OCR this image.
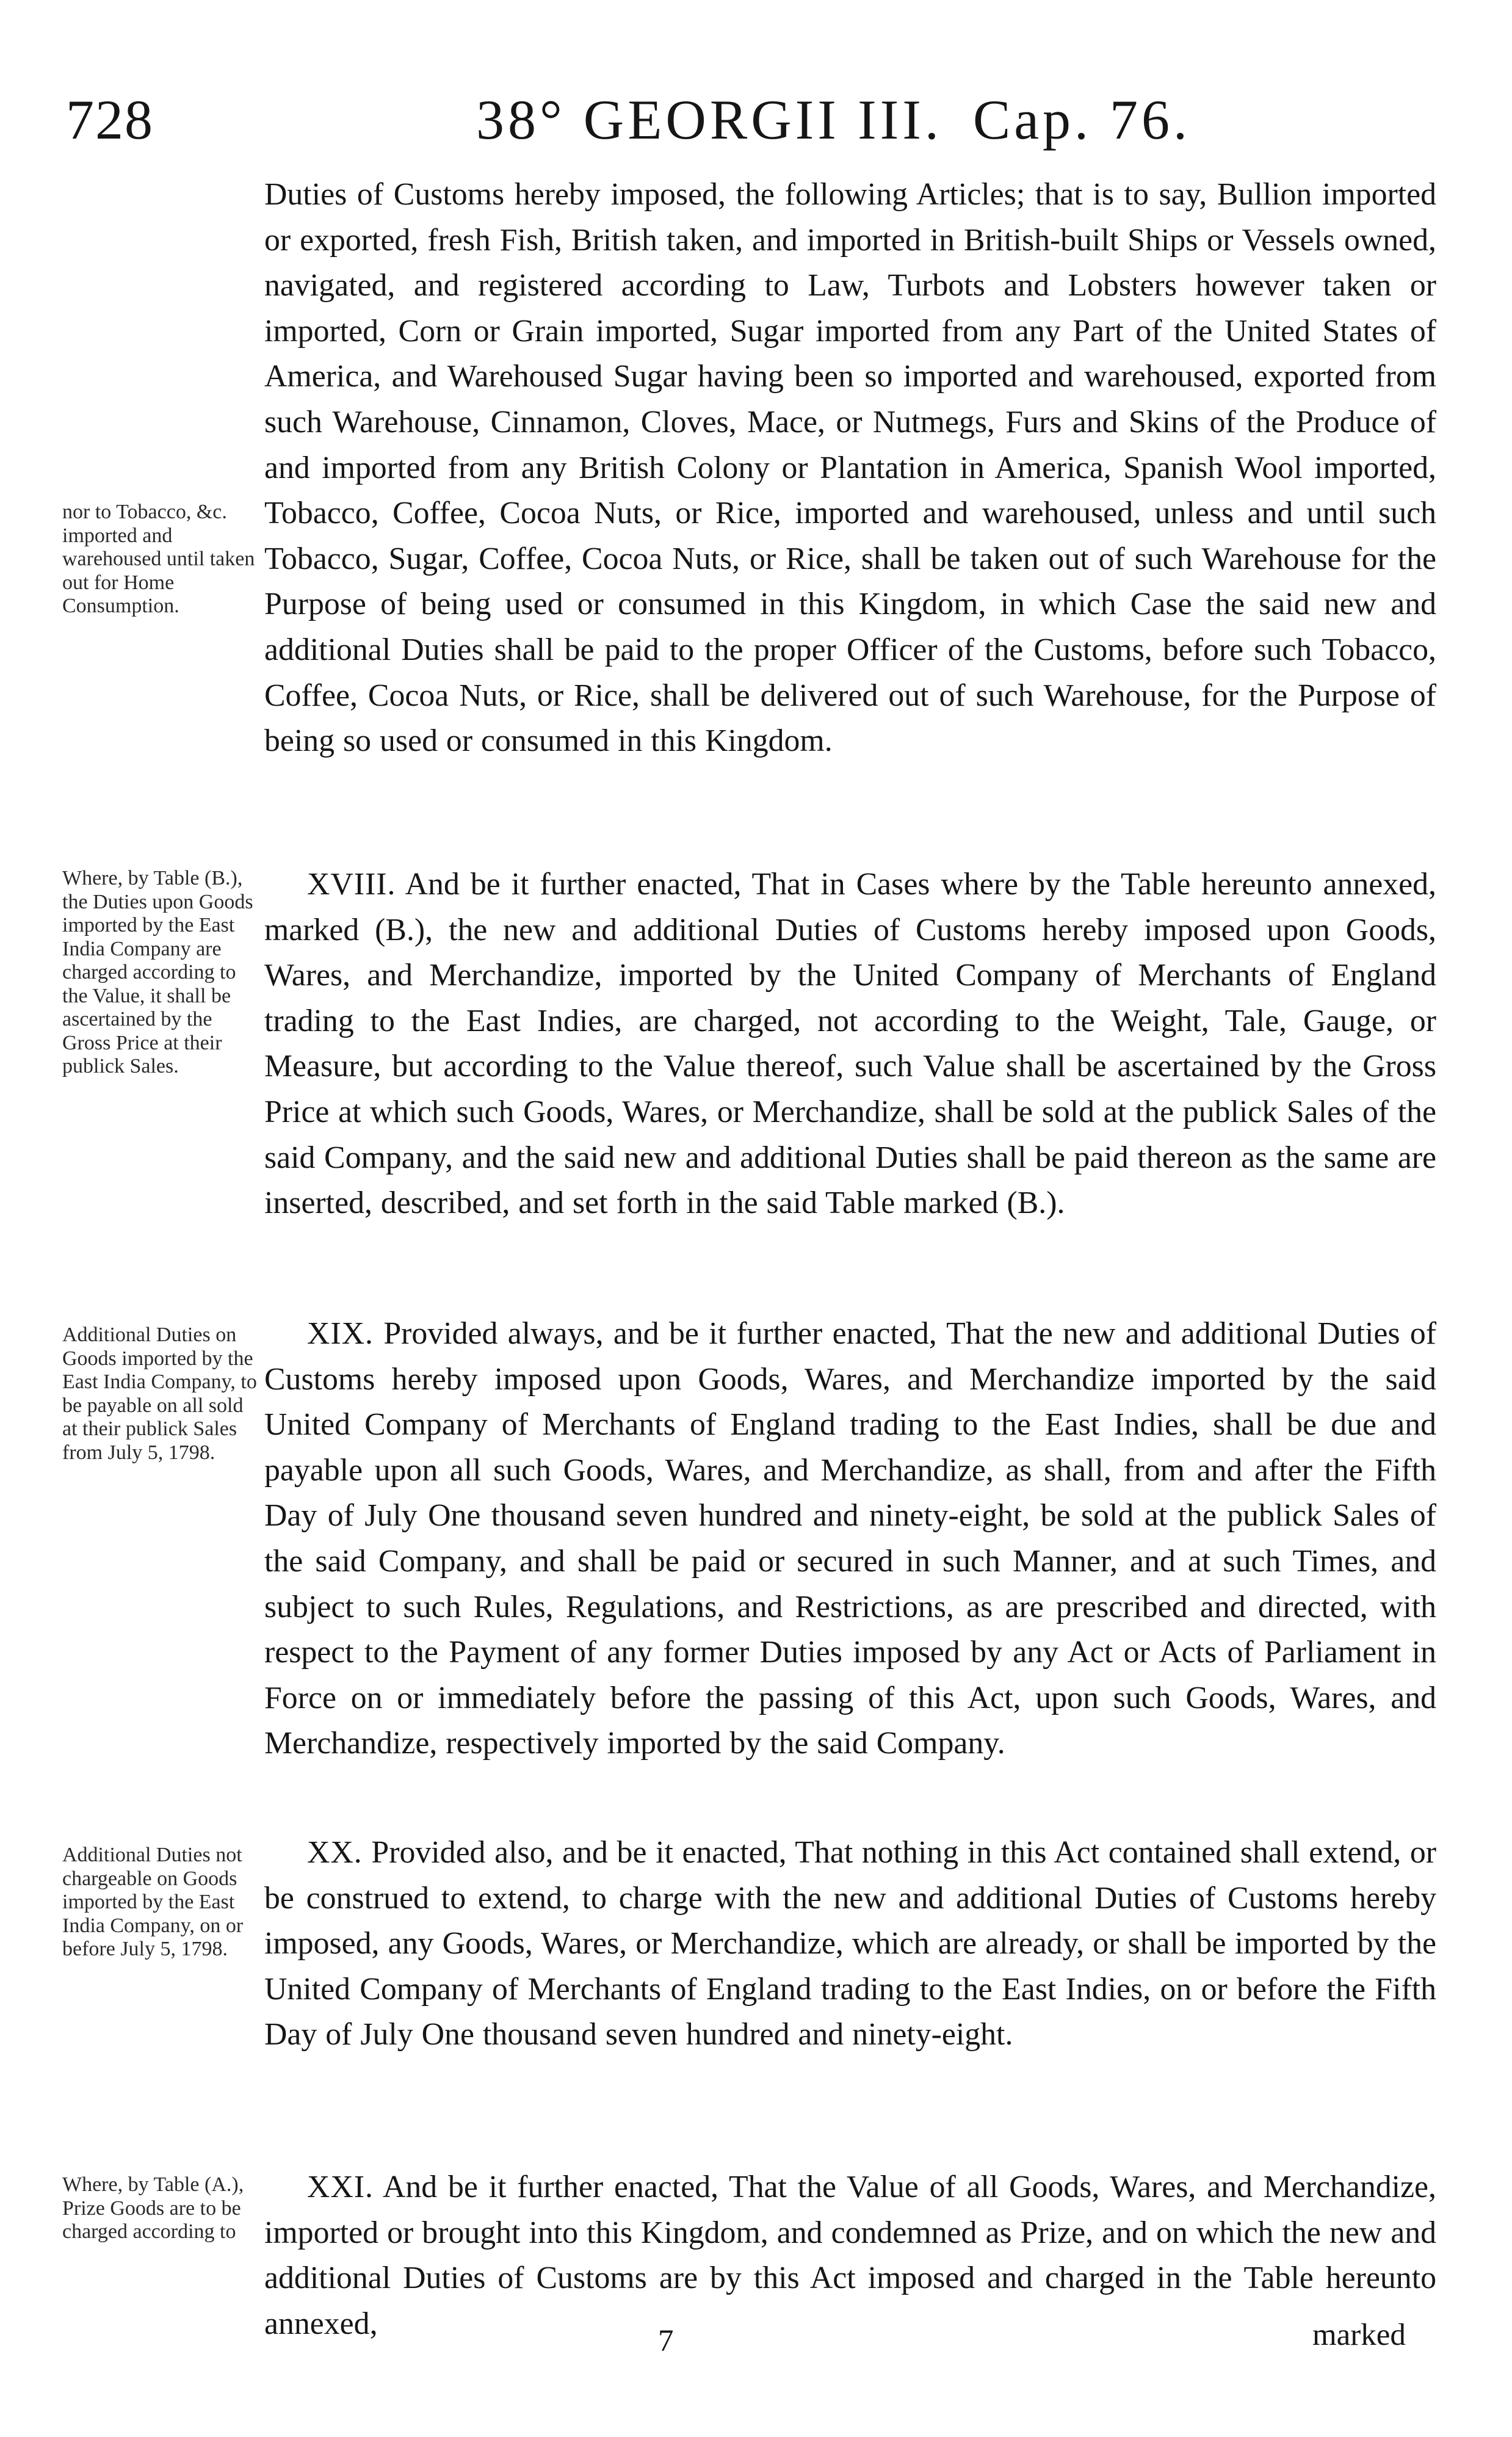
728	38° GEORGII III. Cap. 76.

Duties of Customs hereby imposed, the following Articles; that is to say, Bullion imported or exported, fresh Fish, British taken, and imported in British-built Ships or Vessels owned, navigated, and registered according to Law, Turbots and Lobsters however taken or imported, Corn or Grain imported, Sugar imported from any Part of the United States of America, and Warehoused Sugar having been so imported and warehoused, exported from such Warehouse, Cinnamon, Cloves, Mace, or Nutmegs, Furs and Skins of the Produce of and imported from any British Colony or Plantation in America, Spanish Wool imported, Tobacco, Coffee, Cocoa Nuts, or Rice, imported and warehoused, unless and until such Tobacco, Sugar, Coffee, Cocoa Nuts, or Rice, shall be taken out of such Warehouse for the Purpose of being used or consumed in this Kingdom, in which Case the said new and additional Duties shall be paid to the proper Officer of the Customs, before such Tobacco, Coffee, Cocoa Nuts, or Rice, shall be delivered out of such Warehouse, for the Purpose of being so used or consumed in this Kingdom.

XVIII. And be it further enacted, That in Cases where by the Table hereunto annexed, marked (B.), the new and additional Duties of Customs hereby imposed upon Goods, Wares, and Merchandize, imported by the United Company of Merchants of England trading to the East Indies, are charged, not according to the Weight, Tale, Gauge, or Measure, but according to the Value thereof, such Value shall be ascertained by the Gross Price at which such Goods, Wares, or Merchandize, shall be sold at the publick Sales of the said Company, and the said new and additional Duties shall be paid thereon as the same are inserted, described, and set forth in the said Table marked (B.).

XIX. Provided always, and be it further enacted, That the new and additional Duties of Customs hereby imposed upon Goods, Wares, and Merchandize imported by the said United Company of Merchants of England trading to the East Indies, shall be due and payable upon all such Goods, Wares, and Merchandize, as shall, from and after the Fifth Day of July One thousand seven hundred and ninety-eight, be sold at the publick Sales of the said Company, and shall be paid or secured in such Manner, and at such Times, and subject to such Rules, Regulations, and Restrictions, as are prescribed and directed, with respect to the Payment of any former Duties imposed by any Act or Acts of Parliament in Force on or immediately before the passing of this Act, upon such Goods, Wares, and Merchandize, respectively imported by the said Company.

XX. Provided also, and be it enacted, That nothing in this Act contained shall extend, or be construed to extend, to charge with the new and additional Duties of Customs hereby imposed, any Goods, Wares, or Merchandize, which are already, or shall be imported by the United Company of Merchants of England trading to the East Indies, on or before the Fifth Day of July One thousand seven hundred and ninety-eight.

XXI. And be it further enacted, That the Value of all Goods, Wares, and Merchandize, imported or brought into this Kingdom, and condemned as Prize, and on which the new and additional Duties of Customs are by this Act imposed and charged in the Table hereunto annexed,

7	marked

nor to Tobacco, &c. imported and warehoused until taken out for Home Consumption.

Where, by Table (B.), the Duties upon Goods imported by the East India Company are charged according to the Value, it shall be ascertained by the Gross Price at their publick Sales.

Additional Duties on Goods imported by the East India Company, to be payable on all sold at their publick Sales from July 5, 1798.

Additional Duties not chargeable on Goods imported by the East India Company, on or before July 5, 1798.

Where, by Table (A.), Prize Goods are to be charged according to
